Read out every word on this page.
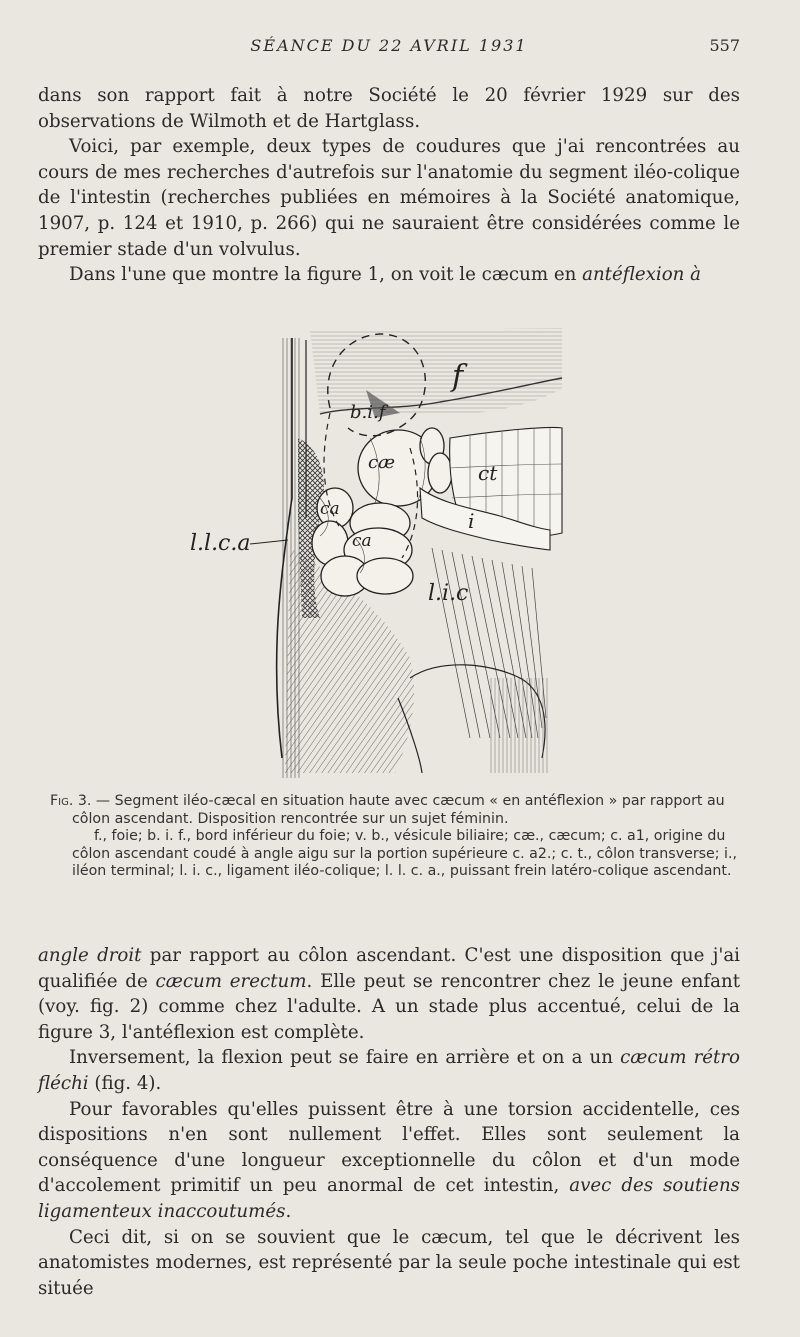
SÉANCE DU 22 AVRIL 1931	557

dans son rapport fait à notre Société le 20 février 1929 sur des observations de Wilmoth et de Hartglass.

Voici, par exemple, deux types de coudures que j'ai rencontrées au cours de mes recherches d'autrefois sur l'anatomie du segment iléo-colique de l'intestin (recherches publiées en mémoires à la Société anatomique, 1907, p. 124 et 1910, p. 266) qui ne sauraient être considérées comme le premier stade d'un volvulus.

Dans l'une que montre la figure 1, on voit le cæcum en antéflexion à

f
b.i.f
cæ	ct
ca
ca
i
l.l.c.a
l.i.c

Fig. 3. — Segment iléo-cæcal en situation haute avec cæcum « en antéflexion » par rapport au côlon ascendant. Disposition rencontrée sur un sujet féminin.

f., foie; b. i. f., bord inférieur du foie; v. b., vésicule biliaire; cæ., cæcum; c. a1, origine du côlon ascendant coudé à angle aigu sur la portion supérieure c. a2.; c. t., côlon transverse; i., iléon terminal; l. i. c., ligament iléo-colique; l. l. c. a., puissant frein latéro-colique ascendant.

angle droit par rapport au côlon ascendant. C'est une disposition que j'ai qualifiée de cæcum erectum. Elle peut se rencontrer chez le jeune enfant (voy. fig. 2) comme chez l'adulte. A un stade plus accentué, celui de la figure 3, l'antéflexion est complète.

Inversement, la flexion peut se faire en arrière et on a un cæcum rétro fléchi (fig. 4).

Pour favorables qu'elles puissent être à une torsion accidentelle, ces dispositions n'en sont nullement l'effet. Elles sont seulement la conséquence d'une longueur exceptionnelle du côlon et d'un mode d'accolement primitif un peu anormal de cet intestin, avec des soutiens ligamenteux inaccoutumés.

Ceci dit, si on se souvient que le cæcum, tel que le décrivent les anatomistes modernes, est représenté par la seule poche intestinale qui est située
